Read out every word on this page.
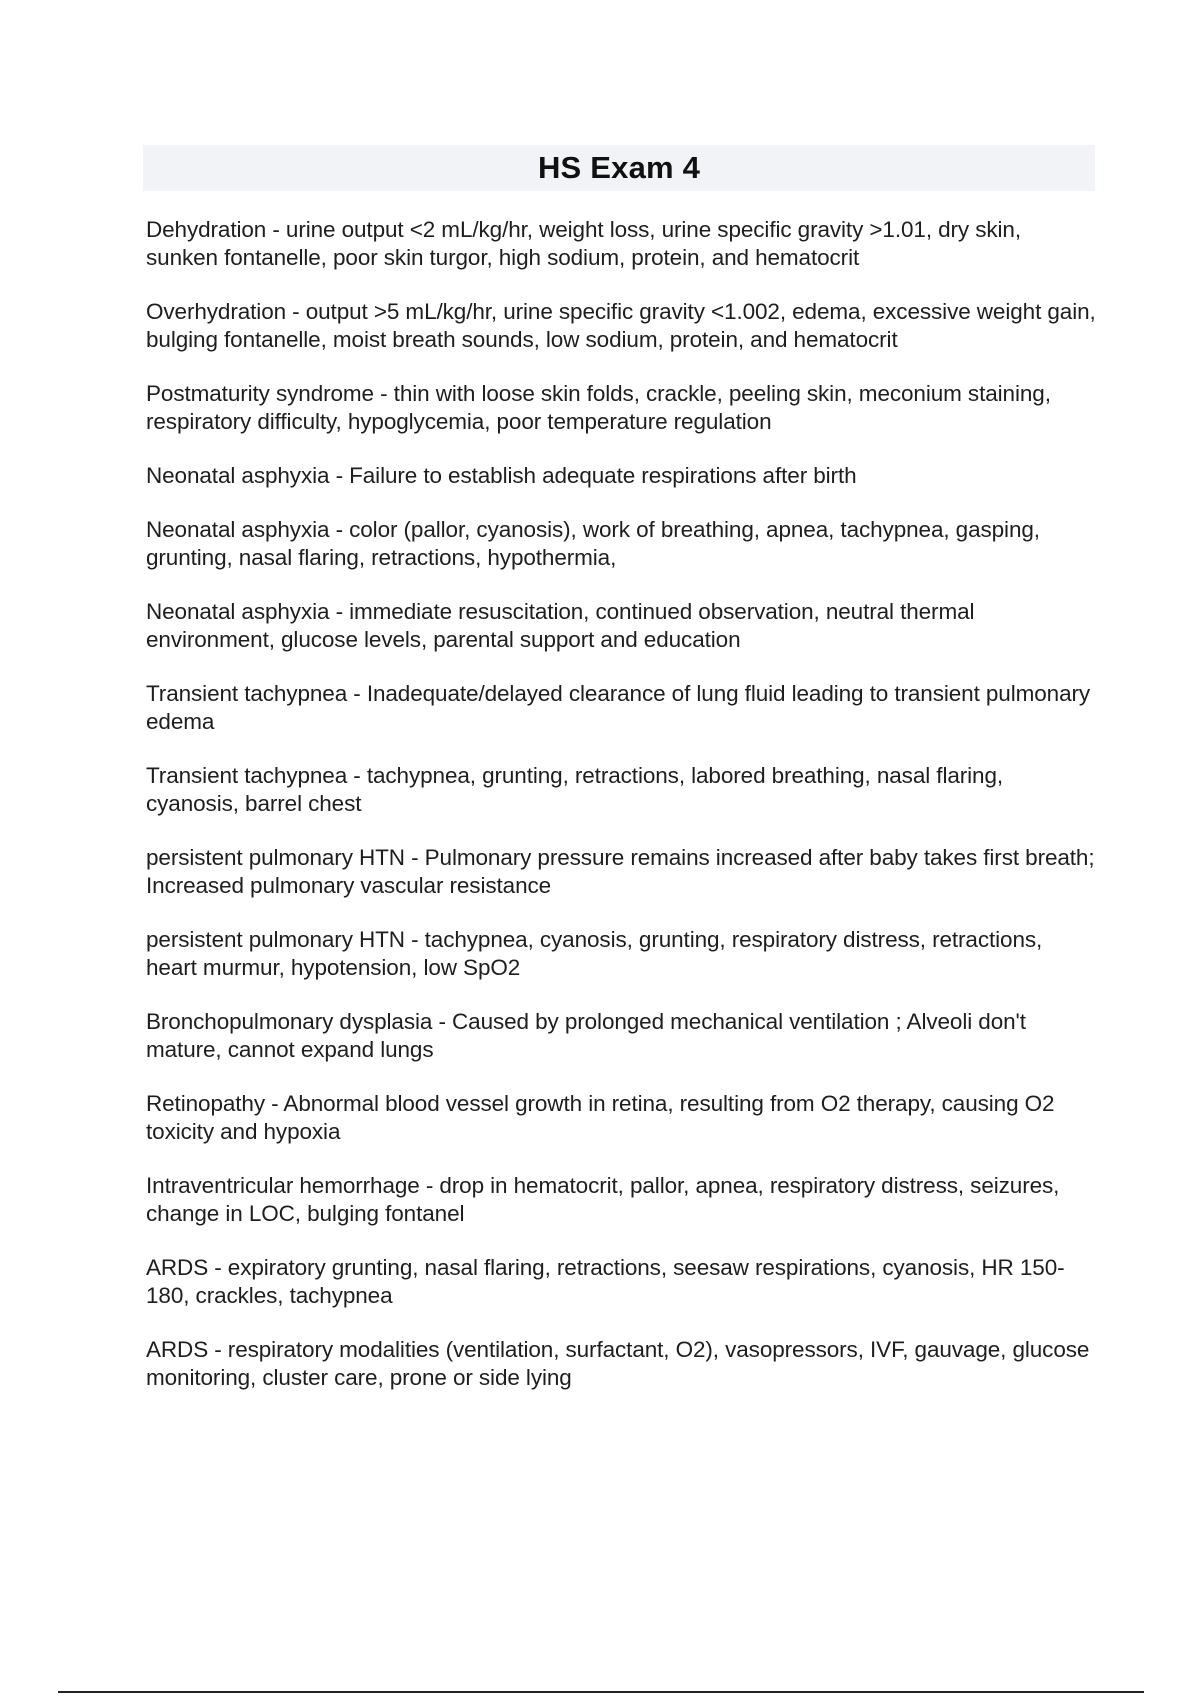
HS Exam 4

Dehydration - urine output <2 mL/kg/hr, weight loss, urine specific gravity >1.01, dry skin, sunken fontanelle, poor skin turgor, high sodium, protein, and hematocrit

Overhydration - output >5 mL/kg/hr, urine specific gravity <1.002, edema, excessive weight gain, bulging fontanelle, moist breath sounds, low sodium, protein, and hematocrit

Postmaturity syndrome - thin with loose skin folds, crackle, peeling skin, meconium staining, respiratory difficulty, hypoglycemia, poor temperature regulation

Neonatal asphyxia - Failure to establish adequate respirations after birth

Neonatal asphyxia - color (pallor, cyanosis), work of breathing, apnea, tachypnea, gasping, grunting, nasal flaring, retractions, hypothermia,

Neonatal asphyxia - immediate resuscitation, continued observation, neutral thermal environment, glucose levels, parental support and education

Transient tachypnea - Inadequate/delayed clearance of lung fluid leading to transient pulmonary edema

Transient tachypnea - tachypnea, grunting, retractions, labored breathing, nasal flaring, cyanosis, barrel chest

persistent pulmonary HTN - Pulmonary pressure remains increased after baby takes first breath; Increased pulmonary vascular resistance

persistent pulmonary HTN - tachypnea, cyanosis, grunting, respiratory distress, retractions, heart murmur, hypotension, low SpO2

Bronchopulmonary dysplasia - Caused by prolonged mechanical ventilation ; Alveoli don't mature, cannot expand lungs

Retinopathy - Abnormal blood vessel growth in retina, resulting from O2 therapy, causing O2 toxicity and hypoxia

Intraventricular hemorrhage - drop in hematocrit, pallor, apnea, respiratory distress, seizures, change in LOC, bulging fontanel

ARDS - expiratory grunting, nasal flaring, retractions, seesaw respirations, cyanosis, HR 150-180, crackles, tachypnea

ARDS - respiratory modalities (ventilation, surfactant, O2), vasopressors, IVF, gauvage, glucose monitoring, cluster care, prone or side lying
